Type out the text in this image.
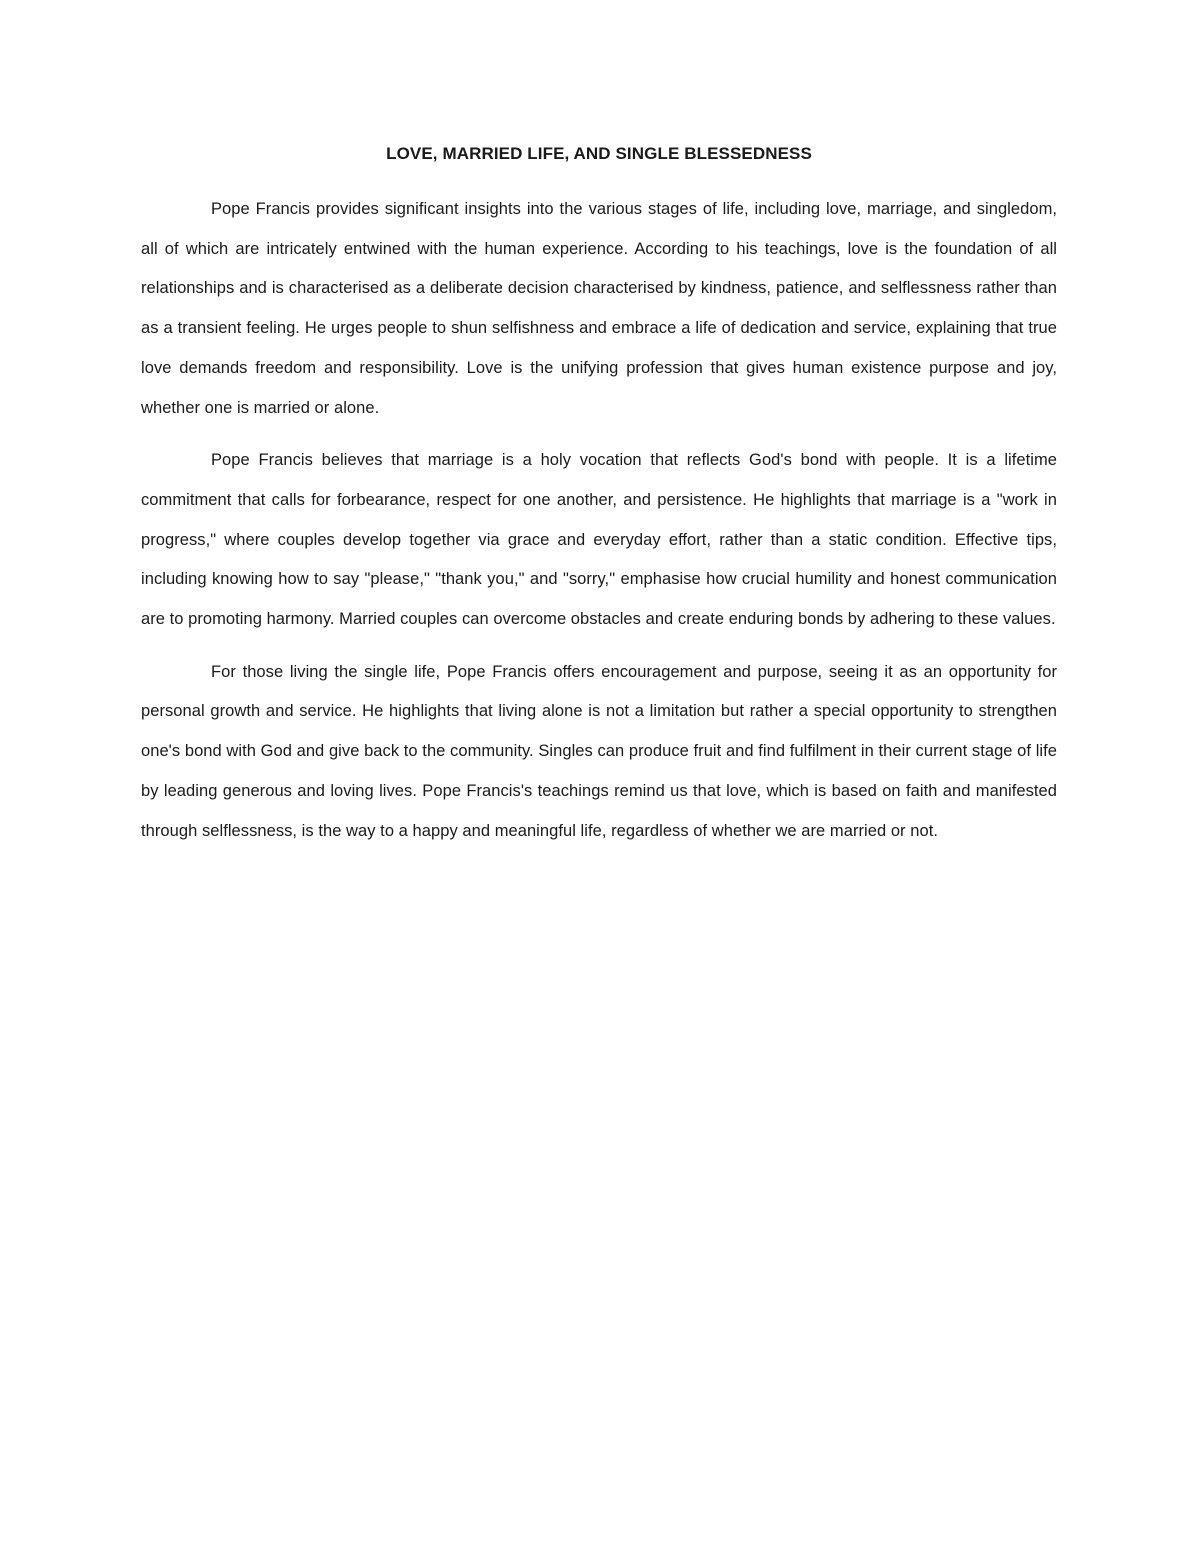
LOVE, MARRIED LIFE, AND SINGLE BLESSEDNESS

Pope Francis provides significant insights into the various stages of life, including love, marriage, and singledom, all of which are intricately entwined with the human experience. According to his teachings, love is the foundation of all relationships and is characterised as a deliberate decision characterised by kindness, patience, and selflessness rather than as a transient feeling. He urges people to shun selfishness and embrace a life of dedication and service, explaining that true love demands freedom and responsibility. Love is the unifying profession that gives human existence purpose and joy, whether one is married or alone.

Pope Francis believes that marriage is a holy vocation that reflects God's bond with people. It is a lifetime commitment that calls for forbearance, respect for one another, and persistence. He highlights that marriage is a "work in progress," where couples develop together via grace and everyday effort, rather than a static condition. Effective tips, including knowing how to say "please," "thank you," and "sorry," emphasise how crucial humility and honest communication are to promoting harmony. Married couples can overcome obstacles and create enduring bonds by adhering to these values.

For those living the single life, Pope Francis offers encouragement and purpose, seeing it as an opportunity for personal growth and service. He highlights that living alone is not a limitation but rather a special opportunity to strengthen one's bond with God and give back to the community. Singles can produce fruit and find fulfilment in their current stage of life by leading generous and loving lives. Pope Francis's teachings remind us that love, which is based on faith and manifested through selflessness, is the way to a happy and meaningful life, regardless of whether we are married or not.
